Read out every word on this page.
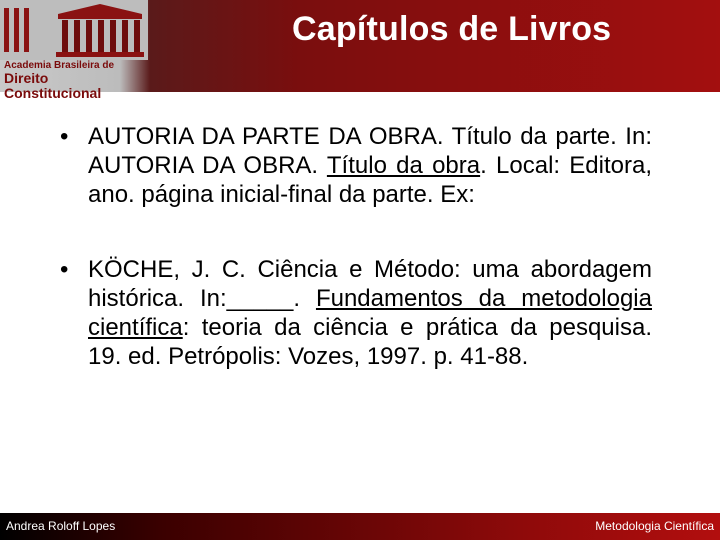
Academia Brasileira de
Direito Constitucional
Capítulos de Livros
• AUTORIA DA PARTE DA OBRA. Título da parte. In: AUTORIA DA OBRA. Título da obra. Local: Editora, ano. página inicial-final da parte. Ex:
• KÖCHE, J. C. Ciência e Método: uma abordagem histórica. In:_____. Fundamentos da metodologia científica: teoria da ciência e prática da pesquisa. 19. ed. Petrópolis: Vozes, 1997. p. 41-88.
Andrea Roloff Lopes	Metodologia Científica
